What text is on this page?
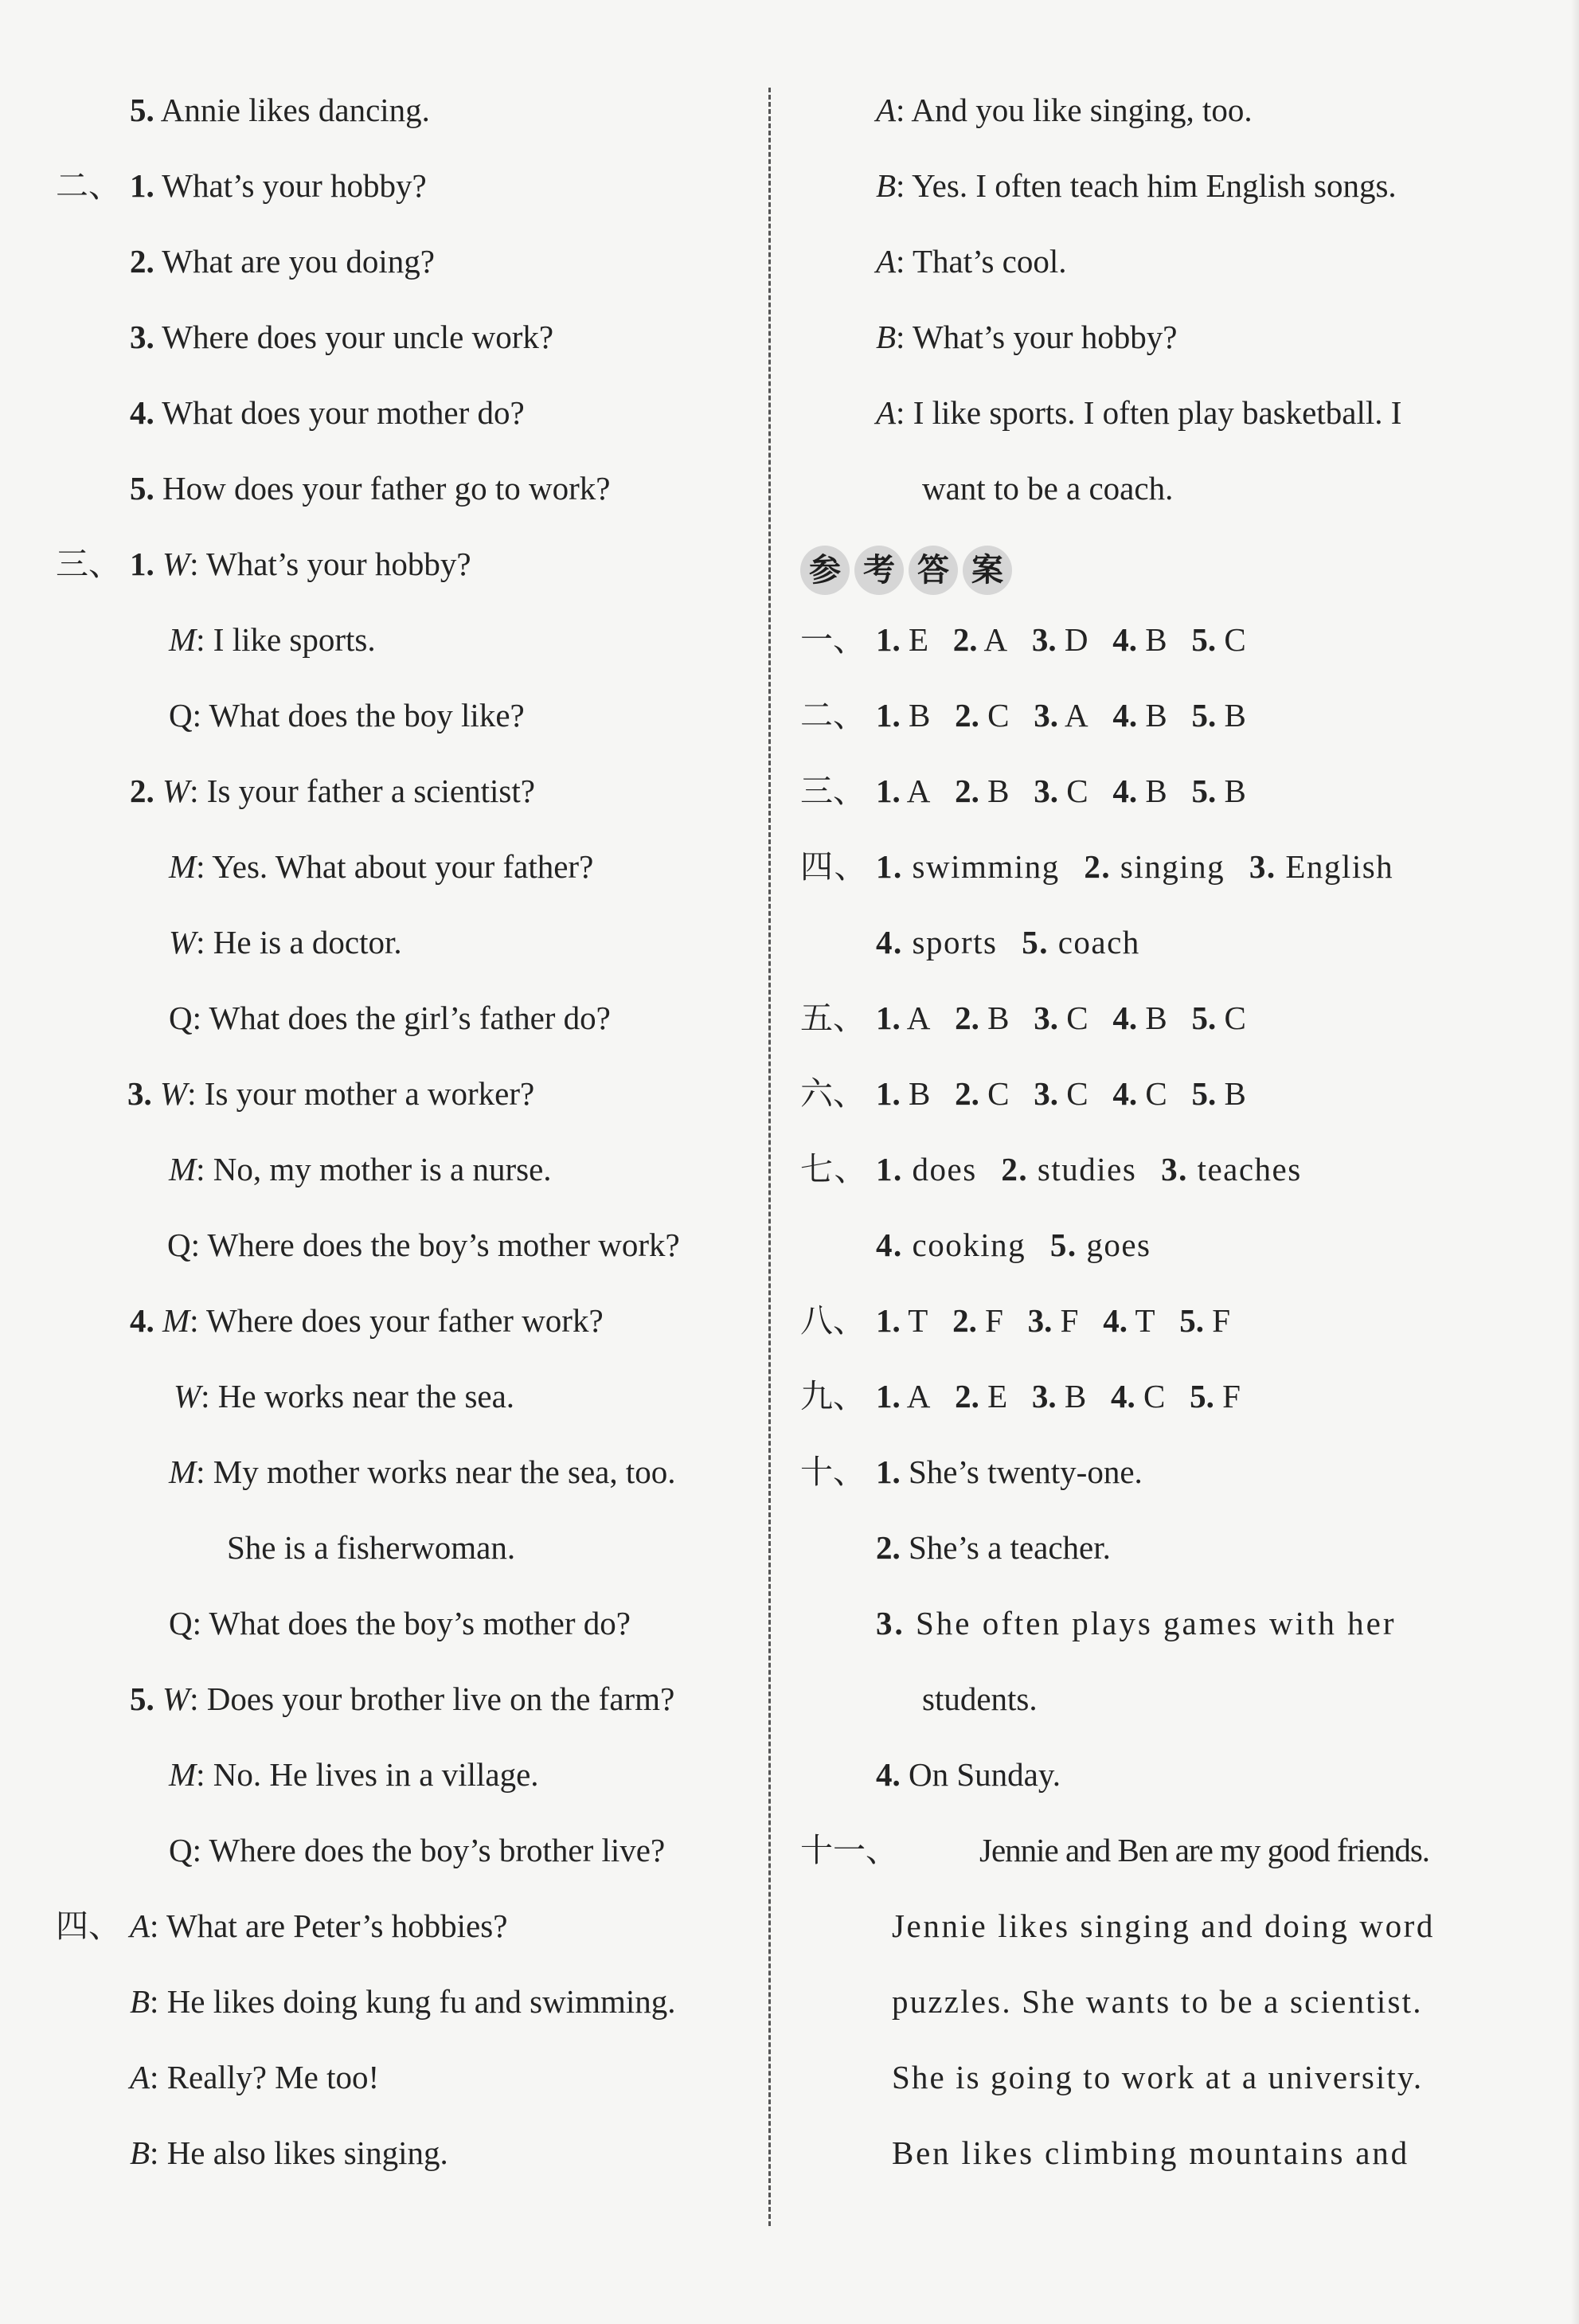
5. Annie likes dancing.
二、 1. What’s your hobby?
2. What are you doing?
3. Where does your uncle work?
4. What does your mother do?
5. How does your father go to work?
三、 1. W: What’s your hobby?
M: I like sports.
Q: What does the boy like?
2. W: Is your father a scientist?
M: Yes. What about your father?
W: He is a doctor.
Q: What does the girl’s father do?
3. W: Is your mother a worker?
M: No, my mother is a nurse.
Q: Where does the boy’s mother work?
4. M: Where does your father work?
W: He works near the sea.
M: My mother works near the sea, too.
She is a fisherwoman.
Q: What does the boy’s mother do?
5. W: Does your brother live on the farm?
M: No. He lives in a village.
Q: Where does the boy’s brother live?
四、 A: What are Peter’s hobbies?
B: He likes doing kung fu and swimming.
A: Really? Me too!
B: He also likes singing.
A: And you like singing, too.
B: Yes. I often teach him English songs.
A: That’s cool.
B: What’s your hobby?
A: I like sports. I often play basketball. I
want to be a coach.
参 考 答 案
一、 1. E 2. A 3. D 4. B 5. C
二、 1. B 2. C 3. A 4. B 5. B
三、 1. A 2. B 3. C 4. B 5. B
四、 1. swimming 2. singing 3. English
4. sports 5. coach
五、 1. A 2. B 3. C 4. B 5. C
六、 1. B 2. C 3. C 4. C 5. B
七、 1. does 2. studies 3. teaches
4. cooking 5. goes
八、 1. T 2. F 3. F 4. T 5. F
九、 1. A 2. E 3. B 4. C 5. F
十、 1. She’s twenty-one.
2. She’s a teacher.
3. She often plays games with her
students.
4. On Sunday.
十一、 Jennie and Ben are my good friends.
Jennie likes singing and doing word
puzzles. She wants to be a scientist.
She is going to work at a university.
Ben likes climbing mountains and
